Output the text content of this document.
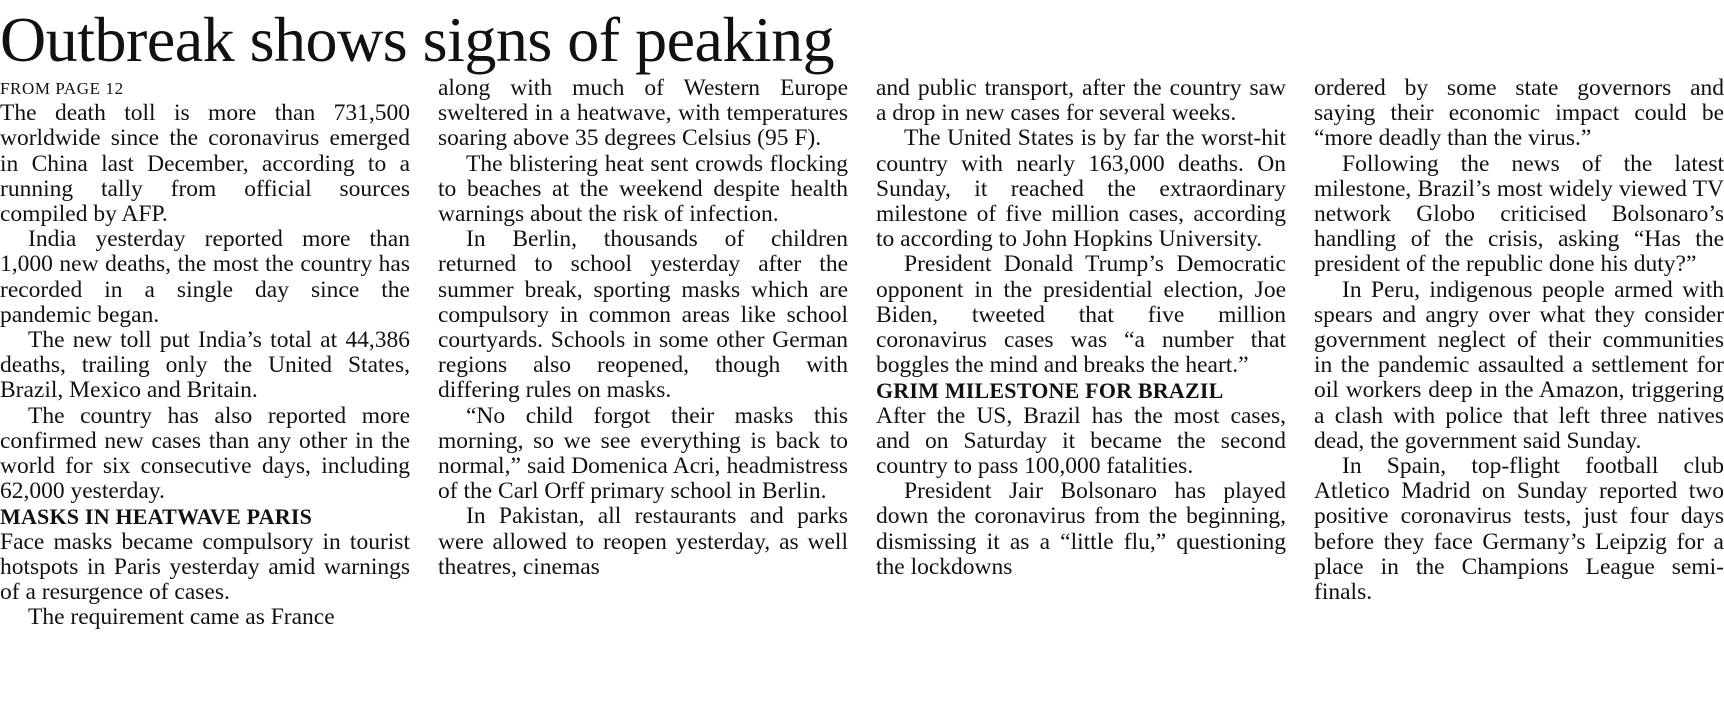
Outbreak shows signs of peaking
FROM PAGE 12

The death toll is more than 731,500 worldwide since the coronavirus emerged in China last December, according to a running tally from official sources compiled by AFP.

India yesterday reported more than 1,000 new deaths, the most the country has recorded in a single day since the pandemic began.

The new toll put India’s total at 44,386 deaths, trailing only the United States, Brazil, Mexico and Britain.

The country has also reported more confirmed new cases than any other in the world for six consecutive days, including 62,000 yesterday.

MASKS IN HEATWAVE PARIS

Face masks became compulsory in tourist hotspots in Paris yesterday amid warnings of a resurgence of cases.

The requirement came as France

along with much of Western Europe sweltered in a heatwave, with temperatures soaring above 35 degrees Celsius (95 F).

The blistering heat sent crowds flocking to beaches at the weekend despite health warnings about the risk of infection.

In Berlin, thousands of children returned to school yesterday after the summer break, sporting masks which are compulsory in common areas like school courtyards. Schools in some other German regions also reopened, though with differing rules on masks.

“No child forgot their masks this morning, so we see everything is back to normal,” said Domenica Acri, headmistress of the Carl Orff primary school in Berlin.

In Pakistan, all restaurants and parks were allowed to reopen yesterday, as well theatres, cinemas

and public transport, after the country saw a drop in new cases for several weeks.

The United States is by far the worst-hit country with nearly 163,000 deaths. On Sunday, it reached the extraordinary milestone of five million cases, according to according to John Hopkins University.

President Donald Trump’s Democratic opponent in the presidential election, Joe Biden, tweeted that five million coronavirus cases was “a number that boggles the mind and breaks the heart.”

GRIM MILESTONE FOR BRAZIL

After the US, Brazil has the most cases, and on Saturday it became the second country to pass 100,000 fatalities.

President Jair Bolsonaro has played down the coronavirus from the beginning, dismissing it as a “little flu,” questioning the lockdowns

ordered by some state governors and saying their economic impact could be “more deadly than the virus.”

Following the news of the latest milestone, Brazil’s most widely viewed TV network Globo criticised Bolsonaro’s handling of the crisis, asking “Has the president of the republic done his duty?”

In Peru, indigenous people armed with spears and angry over what they consider government neglect of their communities in the pandemic assaulted a settlement for oil workers deep in the Amazon, triggering a clash with police that left three natives dead, the government said Sunday.

In Spain, top-flight football club Atletico Madrid on Sunday reported two positive coronavirus tests, just four days before they face Germany’s Leipzig for a place in the Champions League semi-finals.
